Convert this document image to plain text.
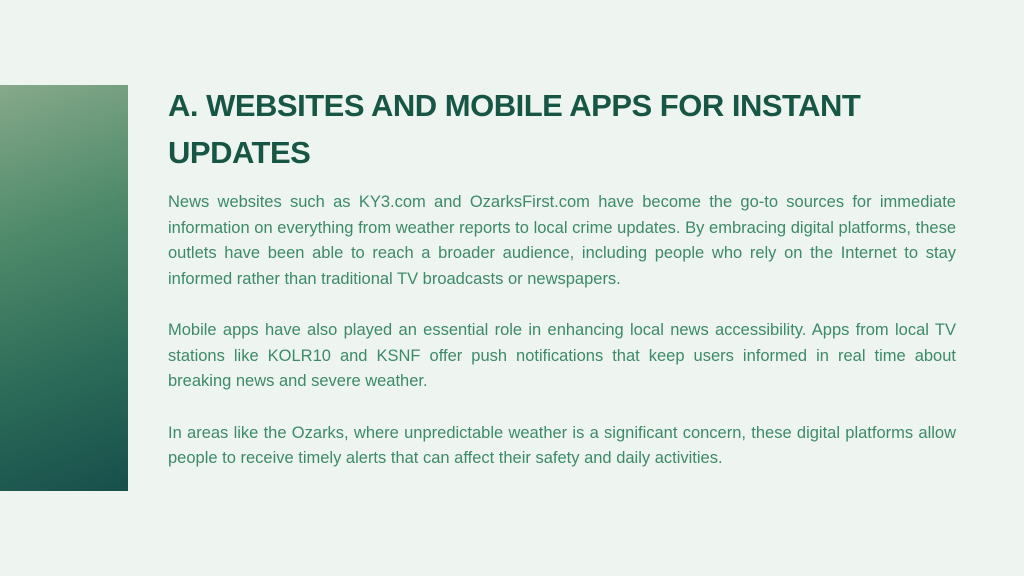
A. WEBSITES AND MOBILE APPS FOR INSTANT UPDATES

News websites such as KY3.com and OzarksFirst.com have become the go-to sources for immediate information on everything from weather reports to local crime updates. By embracing digital platforms, these outlets have been able to reach a broader audience, including people who rely on the Internet to stay informed rather than traditional TV broadcasts or newspapers.

Mobile apps have also played an essential role in enhancing local news accessibility. Apps from local TV stations like KOLR10 and KSNF offer push notifications that keep users informed in real time about breaking news and severe weather.

In areas like the Ozarks, where unpredictable weather is a significant concern, these digital platforms allow people to receive timely alerts that can affect their safety and daily activities.
